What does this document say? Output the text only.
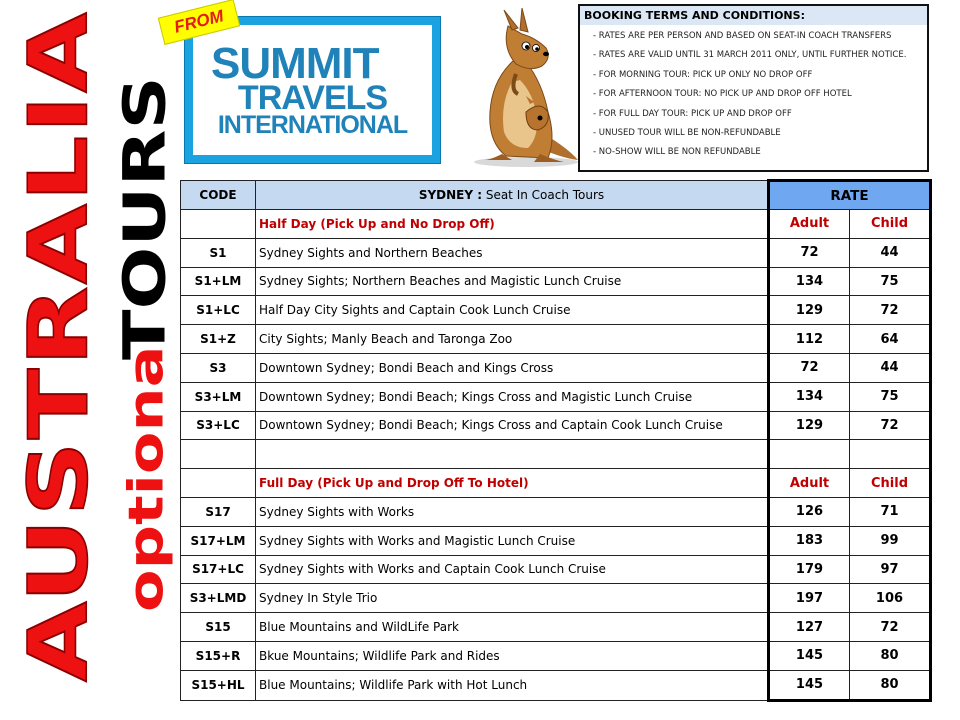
AUSTRALIA optional
TOURS
SUMMIT
TRAVELS
INTERNATIONAL
6613917/SUMMITTRAVELS08@YAHOO.COM
FROM	BOOKING TERMS AND CONDITIONS:
- RATES ARE PER PERSON AND BASED ON SEAT-IN COACH TRANSFERS
- RATES ARE VALID UNTIL 31 MARCH 2011 ONLY, UNTIL FURTHER NOTICE.
- FOR MORNING TOUR: PICK UP ONLY NO DROP OFF
- FOR AFTERNOON TOUR: NO PICK UP AND DROP OFF HOTEL
- FOR FULL DAY TOUR: PICK UP AND DROP OFF
- UNUSED TOUR WILL BE NON-REFUNDABLE
- NO-SHOW WILL BE NON REFUNDABLE
CODE	SYDNEY : Seat In Coach Tours	RATE	
	Half Day (Pick Up and No Drop Off)	Adult	Child
S1	Sydney Sights and Northern Beaches	72	44
S1+LM	Sydney Sights; Northern Beaches and Magistic Lunch Cruise	134	75
S1+LC	Half Day City Sights and Captain Cook Lunch Cruise	129	72
S1+Z	City Sights; Manly Beach and Taronga Zoo	112	64
S3	Downtown Sydney; Bondi Beach and Kings Cross	72	44
S3+LM	Downtown Sydney; Bondi Beach; Kings Cross and Magistic Lunch Cruise	134	75
S3+LC	Downtown Sydney; Bondi Beach; Kings Cross and Captain Cook Lunch Cruise	129	72

	Full Day (Pick Up and Drop Off To Hotel)	Adult	Child
S17	Sydney Sights with Works	126	71
S17+LM	Sydney Sights with Works and Magistic Lunch Cruise	183	99
S17+LC	Sydney Sights with Works and Captain Cook Lunch Cruise	179	97
S3+LMD	Sydney In Style Trio	197	106
S15	Blue Mountains and WildLife Park	127	72
S15+R	Bkue Mountains; Wildlife Park and Rides	145	80
S15+HL	Blue Mountains; Wildlife Park with Hot Lunch	145	80
